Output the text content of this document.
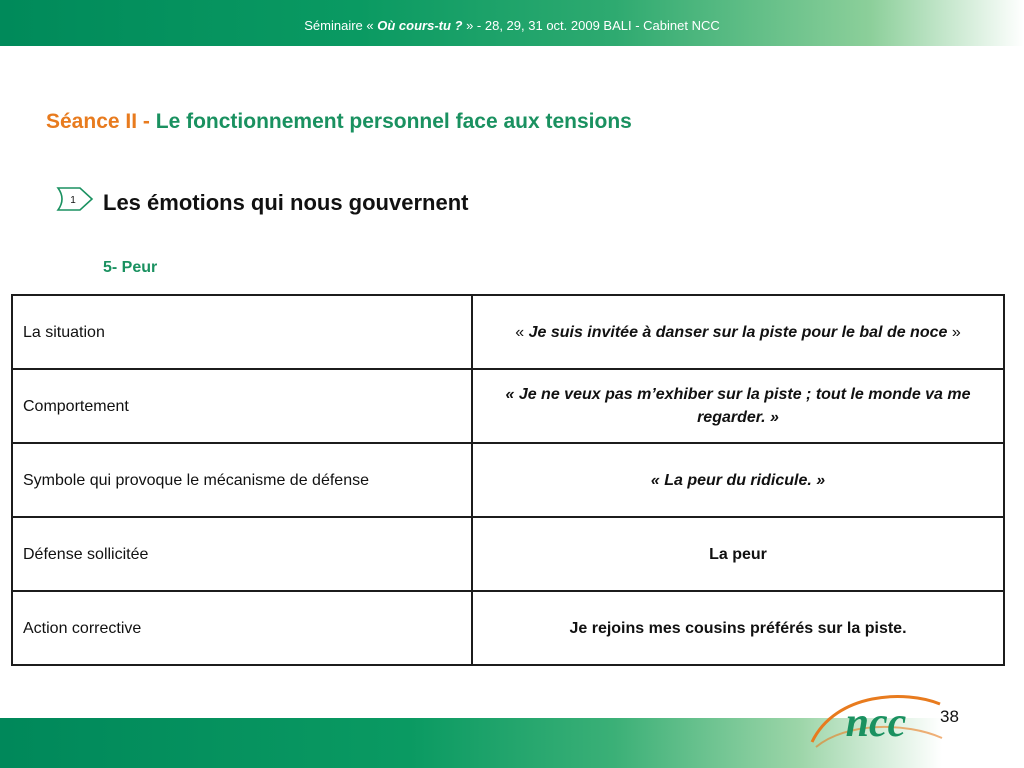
Séminaire « Où cours-tu ? » - 28, 29, 31 oct. 2009 BALI - Cabinet NCC
Séance II - Le fonctionnement personnel face aux tensions
1 Les émotions qui nous gouvernent
5- Peur
La situation	« Je suis invitée à danser sur la piste pour le bal de noce »
Comportement	« Je ne veux pas m’exhiber sur la piste ; tout le monde va me regarder. »
Symbole qui provoque le mécanisme de défense	« La peur du ridicule. »
Défense sollicitée	La peur
Action corrective	Je rejoins mes cousins préférés sur la piste.
ncc 38
